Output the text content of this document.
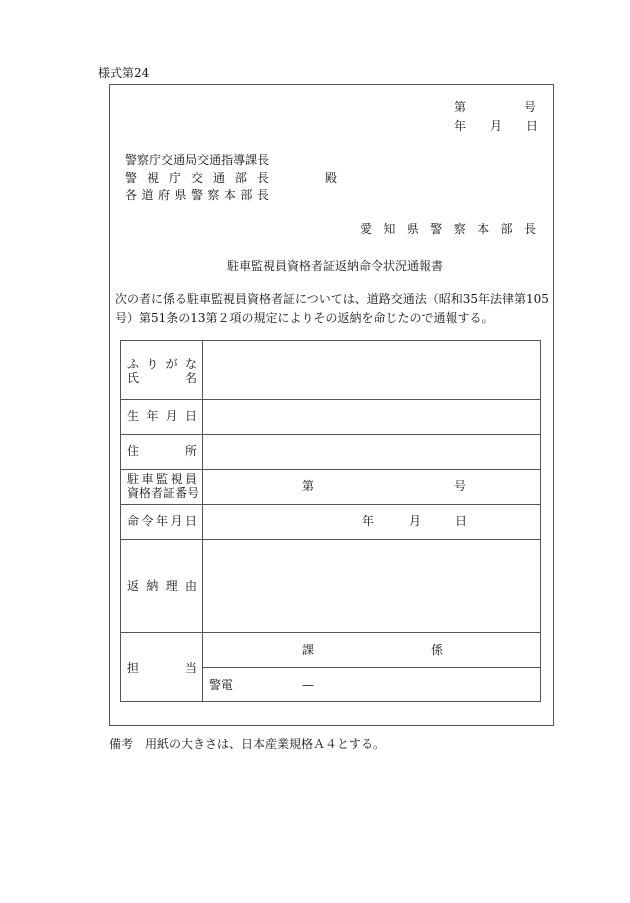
様式第24
第	号
年 月 日
警 察 庁 交 通 局 交 通 指 導 課 長
警 視 庁 交 通 部 長
各 道 府 県 警 察 本 部 長
殿
愛 知 県 警 察 本 部 長
駐車監視員資格者証返納命令状況通報書
次の者に係る駐車監視員資格者証については、道路交通法（昭和35年法律第105
号）第51条の13第２項の規定によりその返納を命じたので通報する。
ふ り が な
氏	名
生 年 月 日
住	所
駐 車 監 視 員
資 格 者 証 番 号	第	号
命 令 年 月 日	年	月	日
返 納 理 由
担	当
課	係
警電	—
備考　用紙の大きさは、日本産業規格Ａ４とする。
